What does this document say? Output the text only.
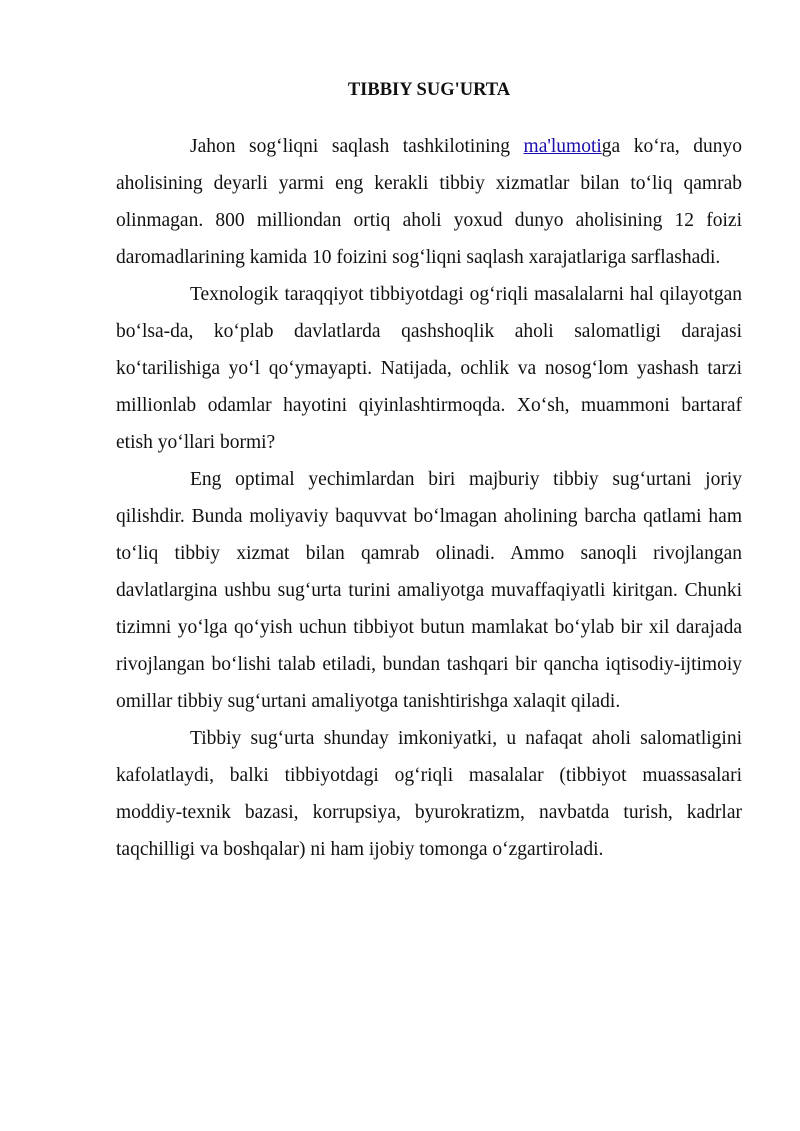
TIBBIY SUG'URTA

Jahon sog‘liqni saqlash tashkilotining ma'lumotiga ko‘ra, dunyo aholisining deyarli yarmi eng kerakli tibbiy xizmatlar bilan to‘liq qamrab olinmagan. 800 milliondan ortiq aholi yoxud dunyo aholisining 12 foizi daromadlarining kamida 10 foizini sog‘liqni saqlash xarajatlariga sarflashadi.

Texnologik taraqqiyot tibbiyotdagi og‘riqli masalalarni hal qilayotgan bo‘lsa-da, ko‘plab davlatlarda qashshoqlik aholi salomatligi darajasi ko‘tarilishiga yo‘l qo‘ymayapti. Natijada, ochlik va nosog‘lom yashash tarzi millionlab odamlar hayotini qiyinlashtirmoqda. Xo‘sh, muammoni bartaraf etish yo‘llari bormi?

Eng optimal yechimlardan biri majburiy tibbiy sug‘urtani joriy qilishdir. Bunda moliyaviy baquvvat bo‘lmagan aholining barcha qatlami ham to‘liq tibbiy xizmat bilan qamrab olinadi. Ammo sanoqli rivojlangan davlatlargina ushbu sug‘urta turini amaliyotga muvaffaqiyatli kiritgan. Chunki tizimni yo‘lga qo‘yish uchun tibbiyot butun mamlakat bo‘ylab bir xil darajada rivojlangan bo‘lishi talab etiladi, bundan tashqari bir qancha iqtisodiy-ijtimoiy omillar tibbiy sug‘urtani amaliyotga tanishtirishga xalaqit qiladi.

Tibbiy sug‘urta shunday imkoniyatki, u nafaqat aholi salomatligini kafolatlaydi, balki tibbiyotdagi og‘riqli masalalar (tibbiyot muassasalari moddiy-texnik bazasi, korrupsiya, byurokratizm, navbatda turish, kadrlar taqchilligi va boshqalar) ni ham ijobiy tomonga o‘zgartiroladi.
